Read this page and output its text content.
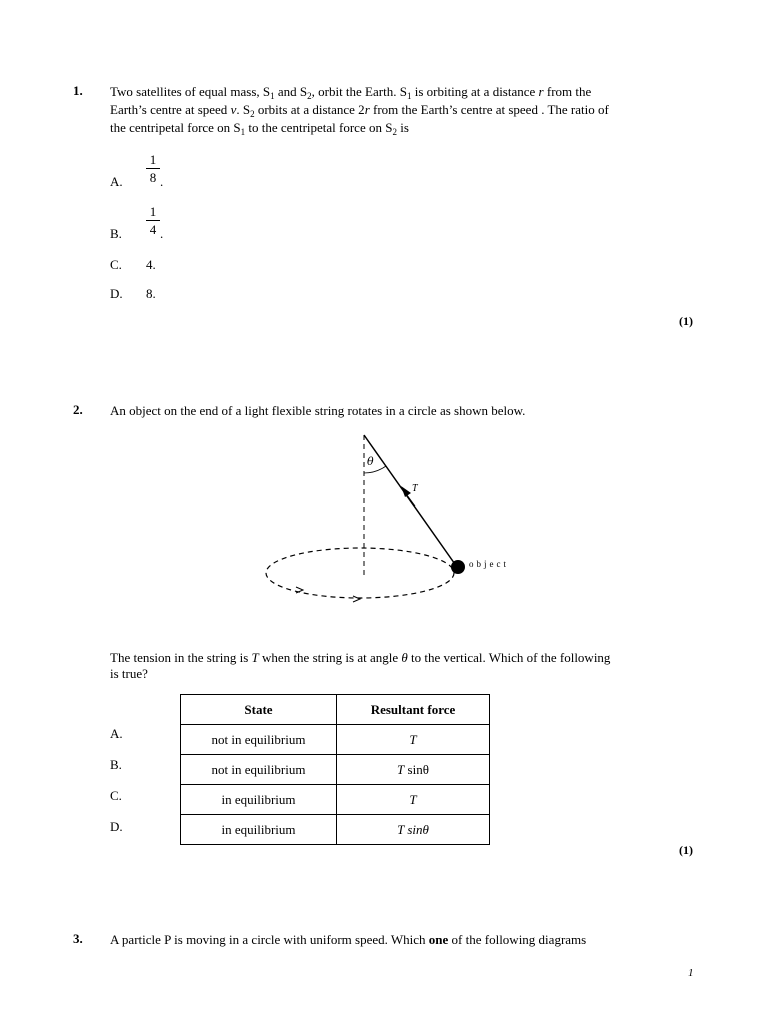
1. Two satellites of equal mass, $S_1$ and $S_2$, orbit the Earth. $S_1$ is orbiting at a distance r from the
Earth’s centre at speed v. $S_2$ orbits at a distance 2r from the Earth’s centre at speed . The ratio of
the centripetal force on $S_1$ to the centripetal force on $S_2$ is
A.
1
8 .
B.
1
4 .
C. 4.
D. 8.
(1)
2. An object on the end of a light flexible string rotates in a circle as shown below.
θ
T
object
The tension in the string is T when the string is at angle θ to the vertical. Which of the following
is true?
State	Resultant force
not in equilibrium	T
not in equilibrium	T sinθ
in equilibrium	T
in equilibrium	T sinθ
A.
B.
C.
D.
(1)
3. A particle P is moving in a circle with uniform speed. Which one of the following diagrams
1
